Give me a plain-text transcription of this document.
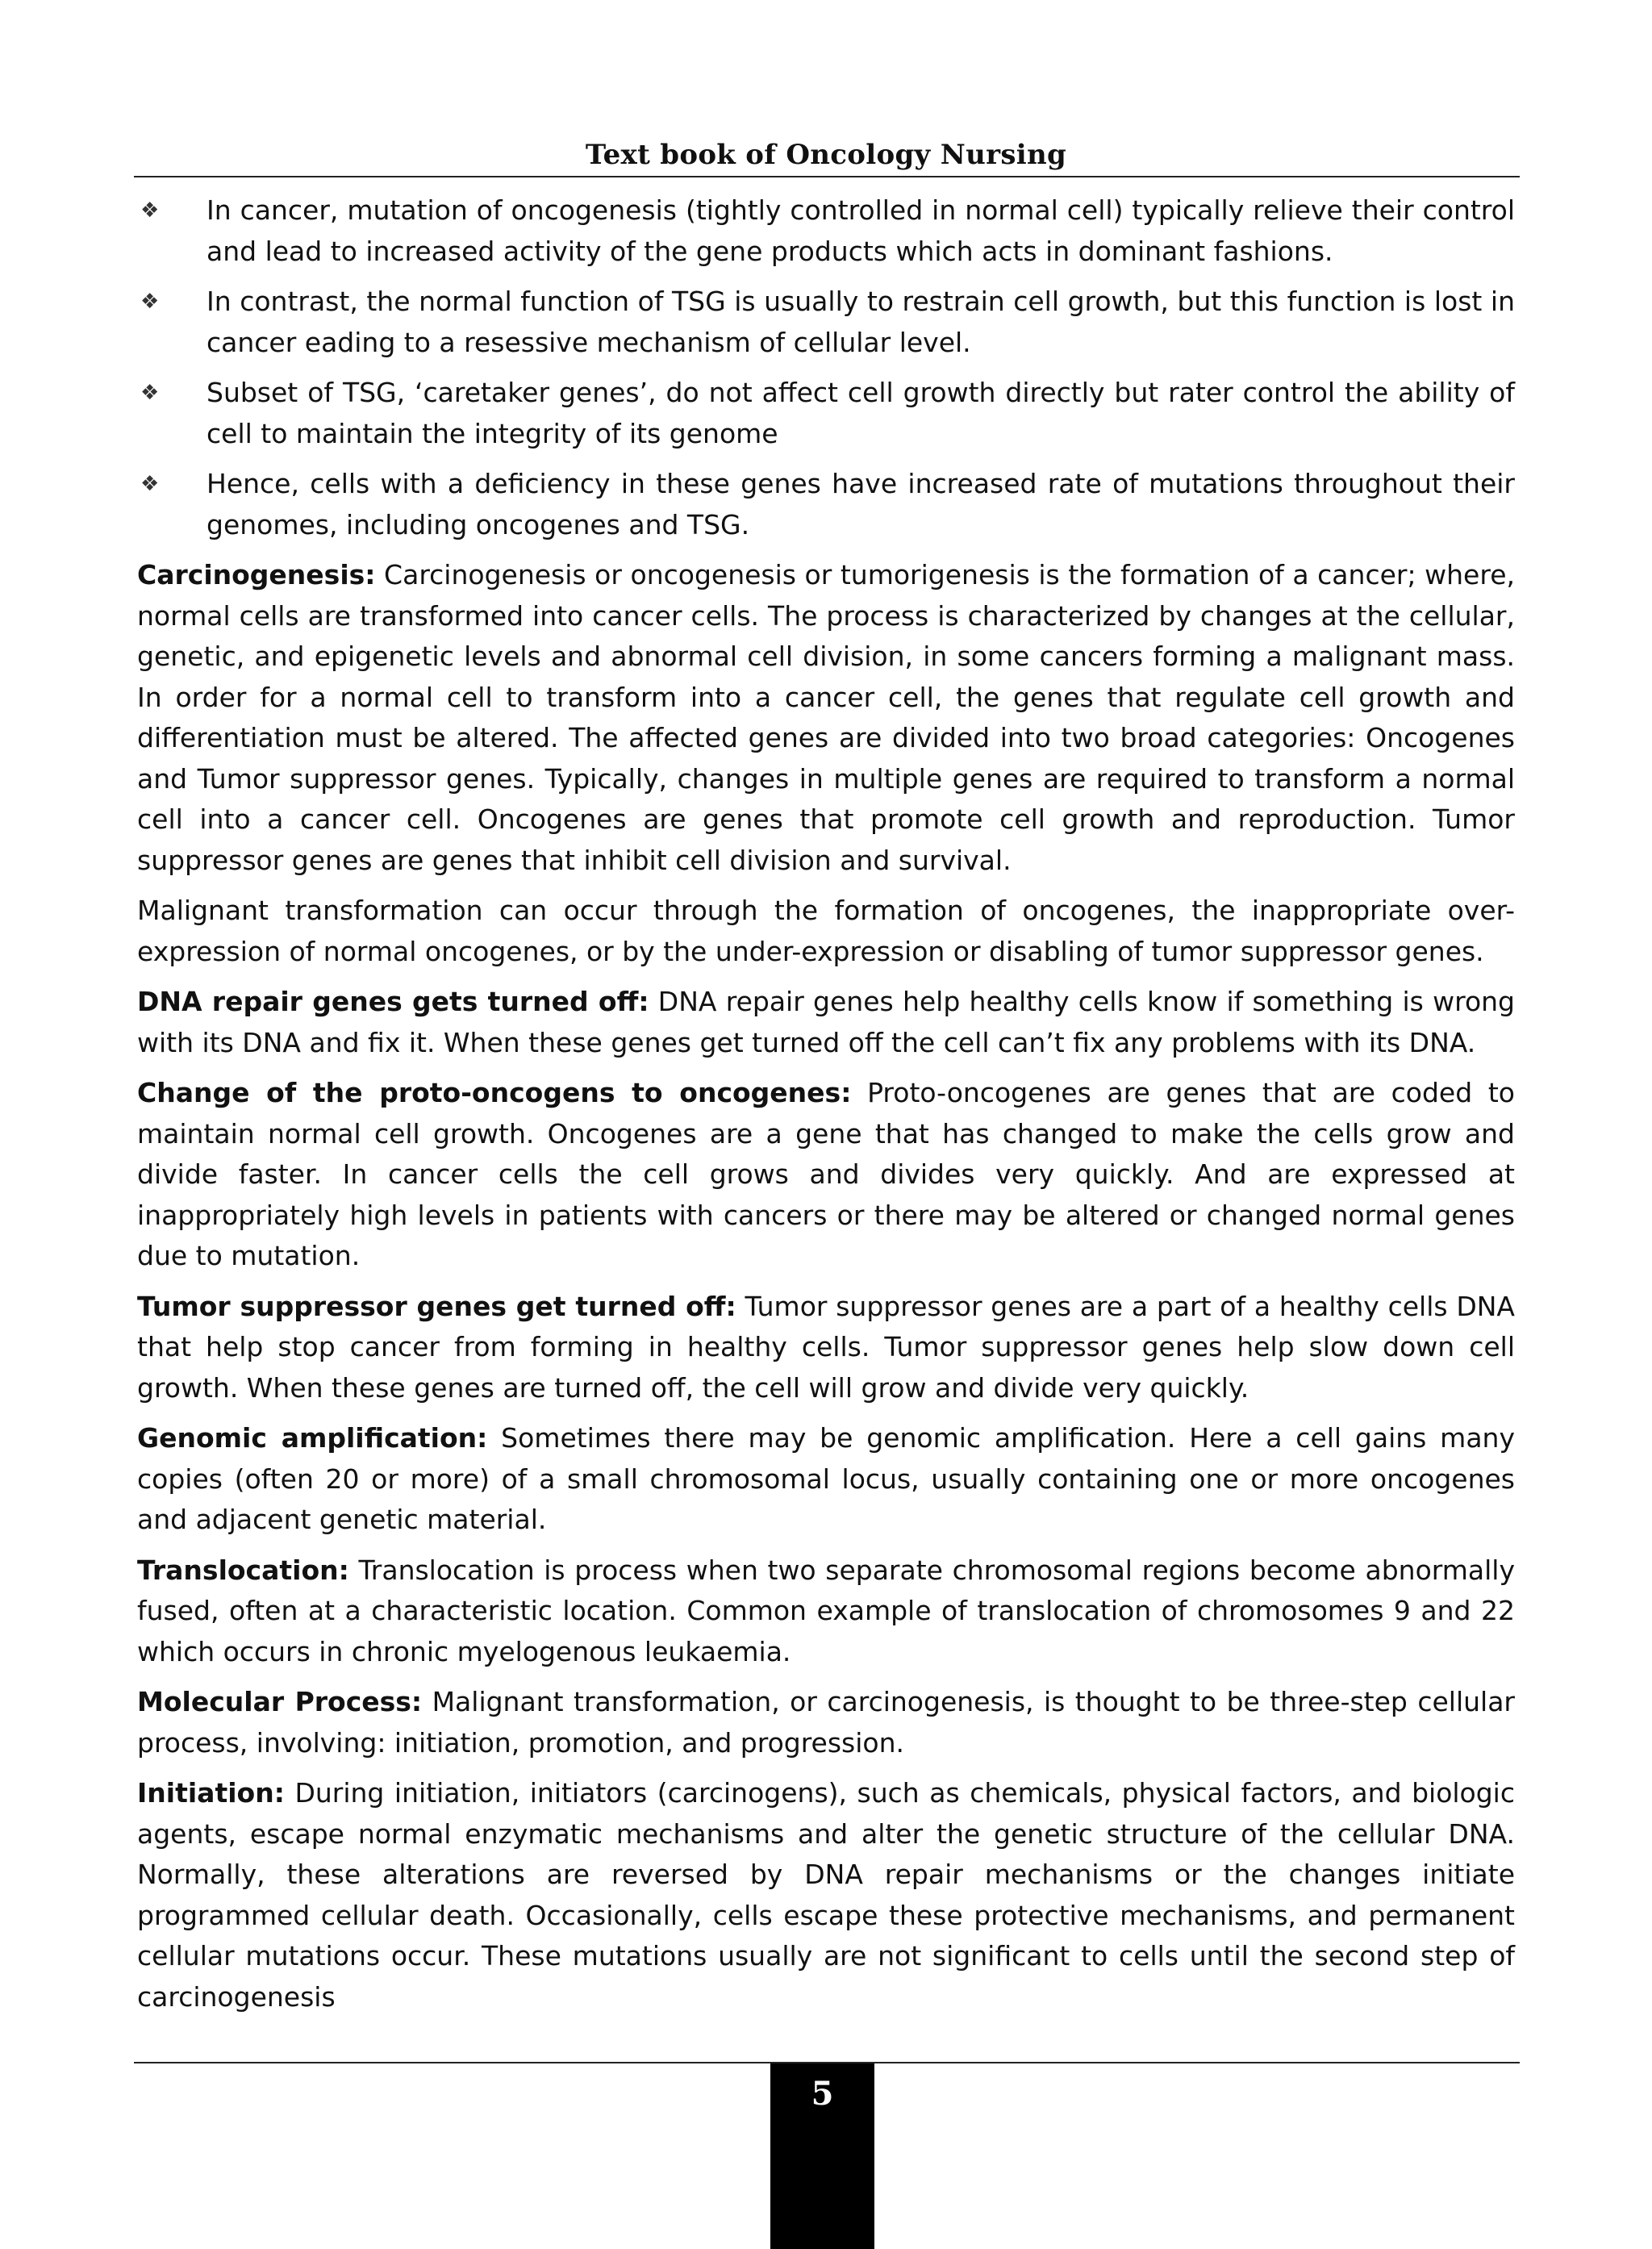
Text book of Oncology Nursing
❖ In cancer, mutation of oncogenesis (tightly controlled in normal cell) typically relieve their control and lead to increased activity of the gene products which acts in dominant fashions.
❖ In contrast, the normal function of TSG is usually to restrain cell growth, but this function is lost in cancer eading to a resessive mechanism of cellular level.
❖ Subset of TSG, ‘caretaker genes’, do not affect cell growth directly but rater control the ability of cell to maintain the integrity of its genome
❖ Hence, cells with a deficiency in these genes have increased rate of mutations throughout their genomes, including oncogenes and TSG.

Carcinogenesis: Carcinogenesis or oncogenesis or tumorigenesis is the formation of a cancer; where, normal cells are transformed into cancer cells. The process is characterized by changes at the cellular, genetic, and epigenetic levels and abnormal cell division, in some cancers forming a malignant mass. In order for a normal cell to transform into a cancer cell, the genes that regulate cell growth and differentiation must be altered. The affected genes are divided into two broad categories: Oncogenes and Tumor suppressor genes. Typically, changes in multiple genes are required to transform a normal cell into a cancer cell. Oncogenes are genes that promote cell growth and reproduction. Tumor suppressor genes are genes that inhibit cell division and survival.

Malignant transformation can occur through the formation of oncogenes, the inappropriate over-expression of normal oncogenes, or by the under-expression or disabling of tumor suppressor genes.

DNA repair genes gets turned off: DNA repair genes help healthy cells know if something is wrong with its DNA and fix it. When these genes get turned off the cell can’t fix any problems with its DNA.

Change of the proto-oncogens to oncogenes: Proto-oncogenes are genes that are coded to maintain normal cell growth. Oncogenes are a gene that has changed to make the cells grow and divide faster. In cancer cells the cell grows and divides very quickly. And are expressed at inappropriately high levels in patients with cancers or there may be altered or changed normal genes due to mutation.

Tumor suppressor genes get turned off: Tumor suppressor genes are a part of a healthy cells DNA that help stop cancer from forming in healthy cells. Tumor suppressor genes help slow down cell growth. When these genes are turned off, the cell will grow and divide very quickly.

Genomic amplification: Sometimes there may be genomic amplification. Here a cell gains many copies (often 20 or more) of a small chromosomal locus, usually containing one or more oncogenes and adjacent genetic material.

Translocation: Translocation is process when two separate chromosomal regions become abnormally fused, often at a characteristic location. Common example of translocation of chromosomes 9 and 22 which occurs in chronic myelogenous leukaemia.

Molecular Process: Malignant transformation, or carcinogenesis, is thought to be three-step cellular process, involving: initiation, promotion, and progression.

Initiation: During initiation, initiators (carcinogens), such as chemicals, physical factors, and biologic agents, escape normal enzymatic mechanisms and alter the genetic structure of the cellular DNA. Normally, these alterations are reversed by DNA repair mechanisms or the changes initiate programmed cellular death. Occasionally, cells escape these protective mechanisms, and permanent cellular mutations occur. These mutations usually are not significant to cells until the second step of carcinogenesis

5
